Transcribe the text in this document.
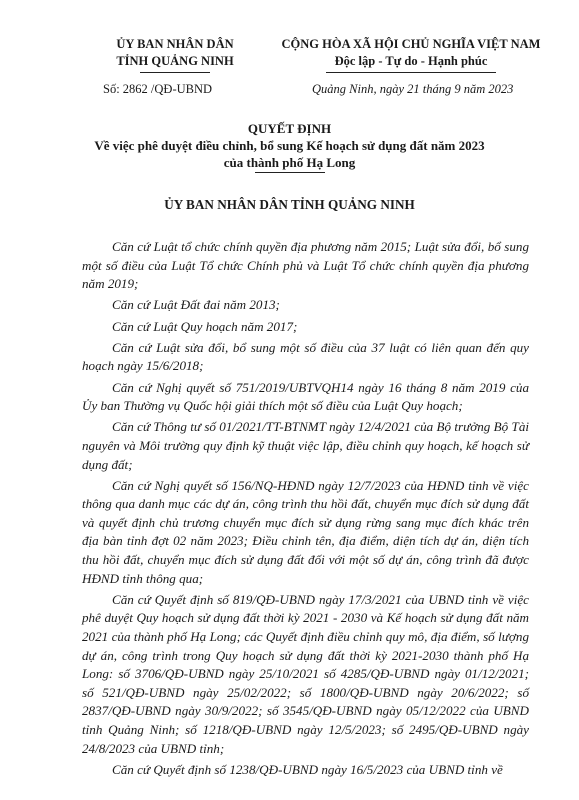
ỦY BAN NHÂN DÂN
TỈNH QUẢNG NINH
CỘNG HÒA XÃ HỘI CHỦ NGHĨA VIỆT NAM
Độc lập - Tự do - Hạnh phúc
Số: 2862 /QĐ-UBND	Quảng Ninh, ngày 21 tháng 9 năm 2023
QUYẾT ĐỊNH
Về việc phê duyệt điều chỉnh, bổ sung Kế hoạch sử dụng đất năm 2023
của thành phố Hạ Long
ỦY BAN NHÂN DÂN TỈNH QUẢNG NINH

Căn cứ Luật tổ chức chính quyền địa phương năm 2015; Luật sửa đổi, bổ sung một số điều của Luật Tổ chức Chính phủ và Luật Tổ chức chính quyền địa phương năm 2019;

Căn cứ Luật Đất đai năm 2013;

Căn cứ Luật Quy hoạch năm 2017;

Căn cứ Luật sửa đổi, bổ sung một số điều của 37 luật có liên quan đến quy hoạch ngày 15/6/2018;

Căn cứ Nghị quyết số 751/2019/UBTVQH14 ngày 16 tháng 8 năm 2019 của Ủy ban Thường vụ Quốc hội giải thích một số điều của Luật Quy hoạch;

Căn cứ Thông tư số 01/2021/TT-BTNMT ngày 12/4/2021 của Bộ trưởng Bộ Tài nguyên và Môi trường quy định kỹ thuật việc lập, điều chỉnh quy hoạch, kế hoạch sử dụng đất;

Căn cứ Nghị quyết số 156/NQ-HĐND ngày 12/7/2023 của HĐND tỉnh về việc thông qua danh mục các dự án, công trình thu hồi đất, chuyển mục đích sử dụng đất và quyết định chủ trương chuyển mục đích sử dụng rừng sang mục đích khác trên địa bàn tỉnh đợt 02 năm 2023; Điều chỉnh tên, địa điểm, diện tích dự án, diện tích thu hồi đất, chuyển mục đích sử dụng đất đối với một số dự án, công trình đã được HĐND tỉnh thông qua;

Căn cứ Quyết định số 819/QĐ-UBND ngày 17/3/2021 của UBND tỉnh về việc phê duyệt Quy hoạch sử dụng đất thời kỳ 2021 - 2030 và Kế hoạch sử dụng đất năm 2021 của thành phố Hạ Long; các Quyết định điều chỉnh quy mô, địa điểm, số lượng dự án, công trình trong Quy hoạch sử dụng đất thời kỳ 2021-2030 thành phố Hạ Long: số 3706/QĐ-UBND ngày 25/10/2021 số 4285/QĐ-UBND ngày 01/12/2021; số 521/QĐ-UBND ngày 25/02/2022; số 1800/QĐ-UBND ngày 20/6/2022; số 2837/QĐ-UBND ngày 30/9/2022; số 3545/QĐ-UBND ngày 05/12/2022 của UBND tỉnh Quảng Ninh; số 1218/QĐ-UBND ngày 12/5/2023; số 2495/QĐ-UBND ngày 24/8/2023 của UBND tỉnh;

Căn cứ Quyết định số 1238/QĐ-UBND ngày 16/5/2023 của UBND tỉnh về
